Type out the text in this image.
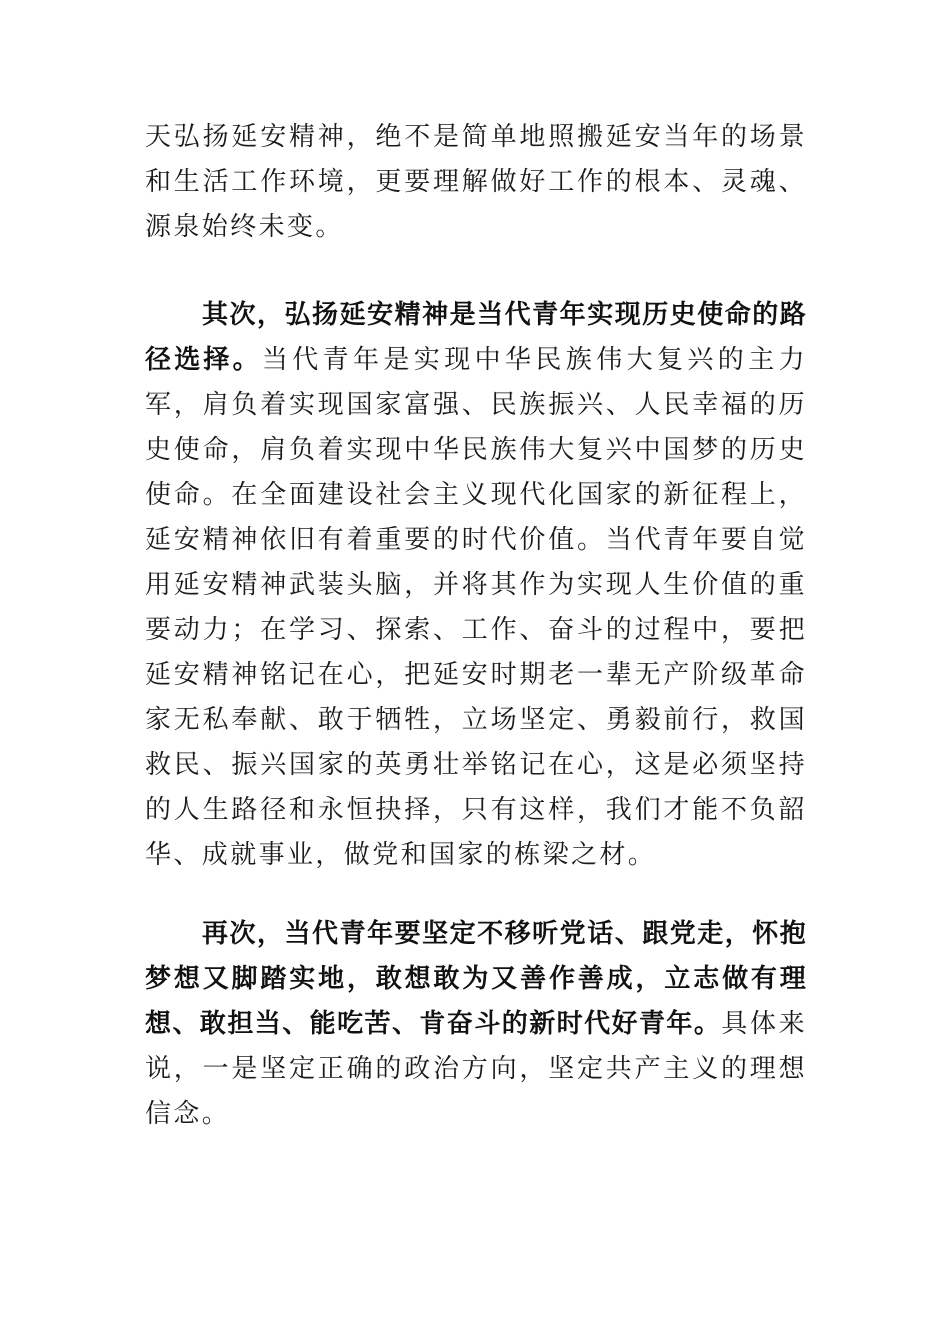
天弘扬延安精神，绝不是简单地照搬延安当年的场景和生活工作环境，更要理解做好工作的根本、灵魂、源泉始终未变。

其次，弘扬延安精神是当代青年实现历史使命的路径选择。当代青年是实现中华民族伟大复兴的主力军，肩负着实现国家富强、民族振兴、人民幸福的历史使命，肩负着实现中华民族伟大复兴中国梦的历史使命。在全面建设社会主义现代化国家的新征程上，延安精神依旧有着重要的时代价值。当代青年要自觉用延安精神武装头脑，并将其作为实现人生价值的重要动力；在学习、探索、工作、奋斗的过程中，要把延安精神铭记在心，把延安时期老一辈无产阶级革命家无私奉献、敢于牺牲，立场坚定、勇毅前行，救国救民、振兴国家的英勇壮举铭记在心，这是必须坚持的人生路径和永恒抉择，只有这样，我们才能不负韶华、成就事业，做党和国家的栋梁之材。

再次，当代青年要坚定不移听党话、跟党走，怀抱梦想又脚踏实地，敢想敢为又善作善成，立志做有理想、敢担当、能吃苦、肯奋斗的新时代好青年。具体来说，一是坚定正确的政治方向，坚定共产主义的理想信念。
